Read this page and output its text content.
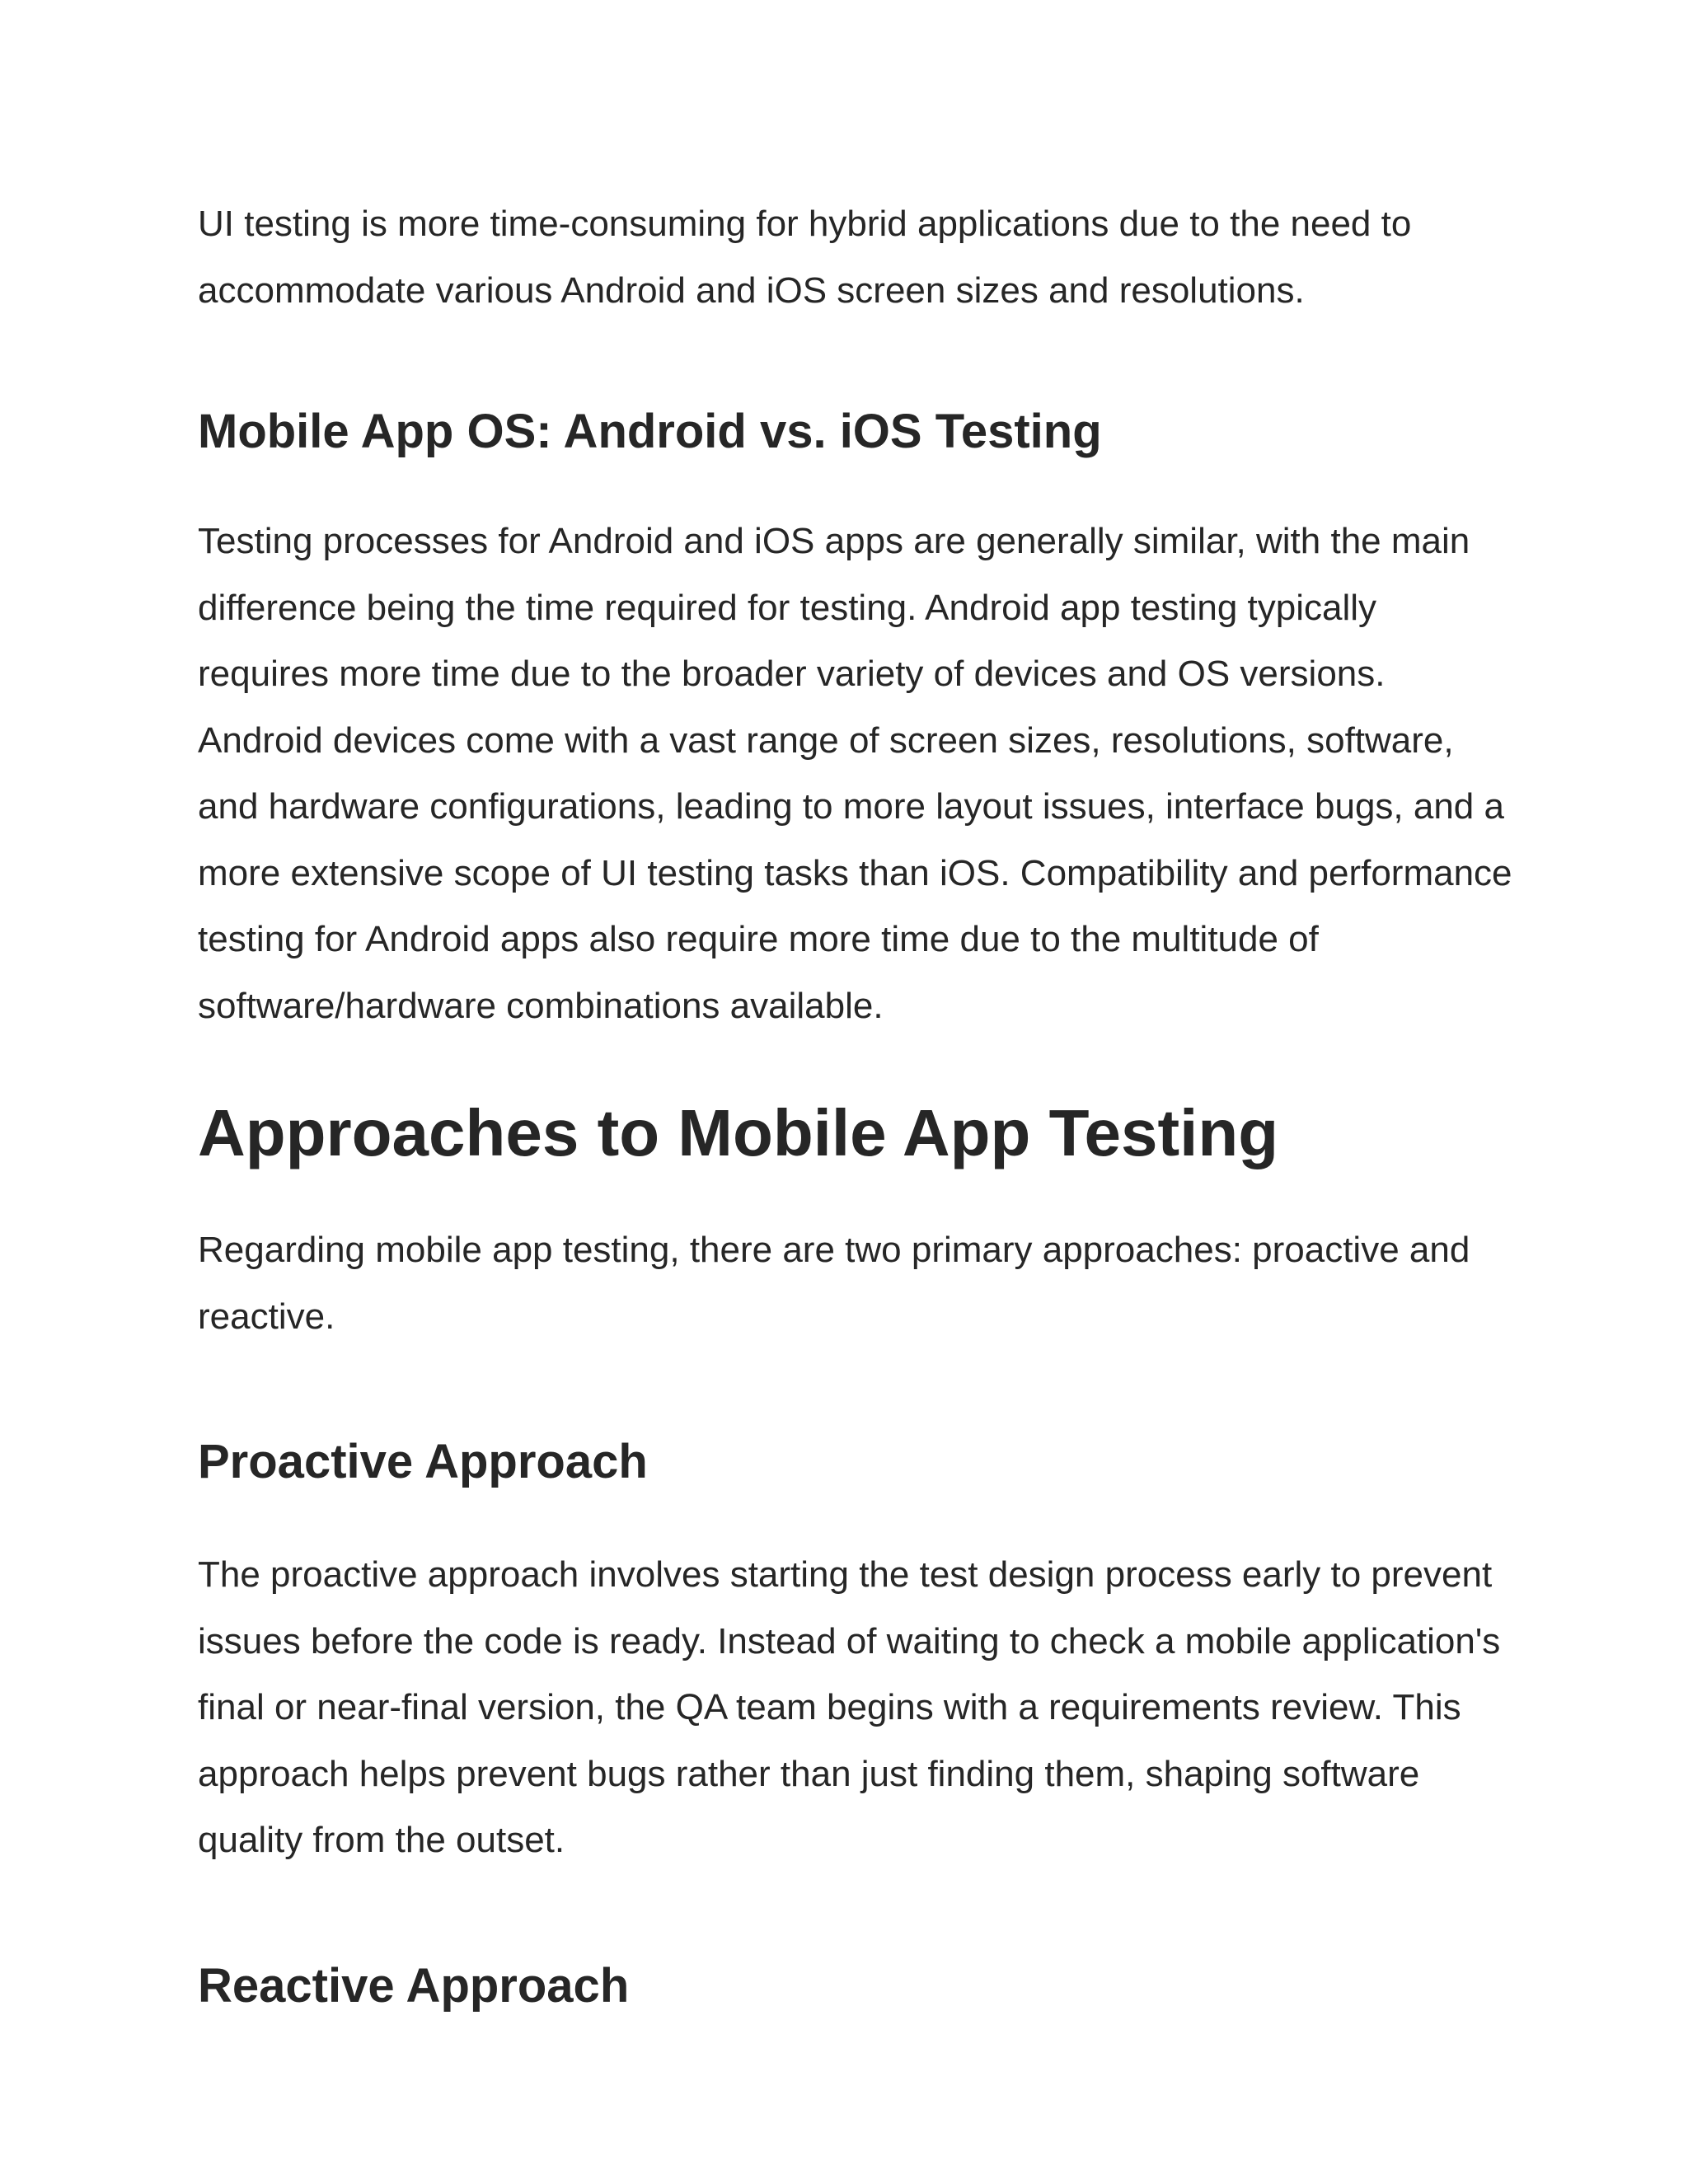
UI testing is more time-consuming for hybrid applications due to the need to accommodate various Android and iOS screen sizes and resolutions.

Mobile App OS: Android vs. iOS Testing

Testing processes for Android and iOS apps are generally similar, with the main difference being the time required for testing. Android app testing typically requires more time due to the broader variety of devices and OS versions. Android devices come with a vast range of screen sizes, resolutions, software, and hardware configurations, leading to more layout issues, interface bugs, and a more extensive scope of UI testing tasks than iOS. Compatibility and performance testing for Android apps also require more time due to the multitude of software/hardware combinations available.

Approaches to Mobile App Testing

Regarding mobile app testing, there are two primary approaches: proactive and reactive.

Proactive Approach

The proactive approach involves starting the test design process early to prevent issues before the code is ready. Instead of waiting to check a mobile application's final or near-final version, the QA team begins with a requirements review. This approach helps prevent bugs rather than just finding them, shaping software quality from the outset.

Reactive Approach
